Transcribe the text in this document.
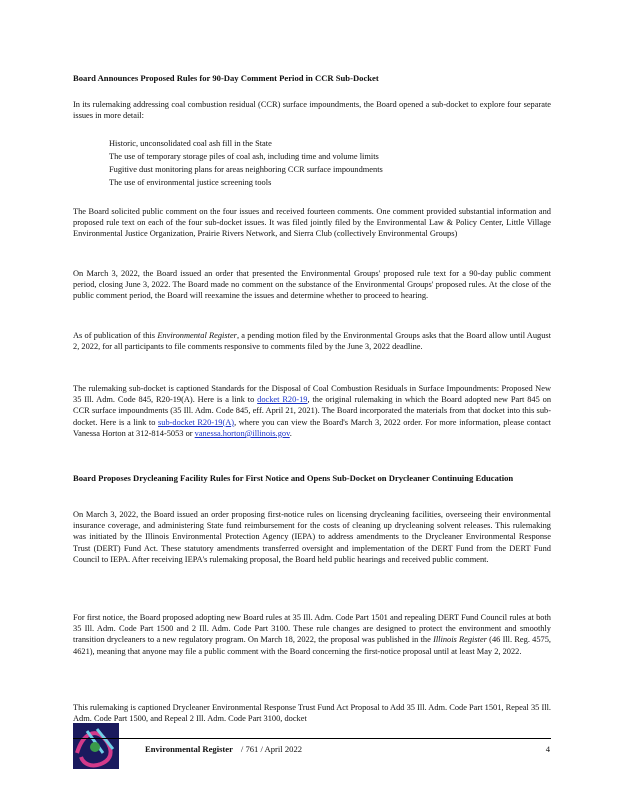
Board Announces Proposed Rules for 90-Day Comment Period in CCR Sub-Docket
In its rulemaking addressing coal combustion residual (CCR) surface impoundments, the Board opened a sub-docket to explore four separate issues in more detail:
Historic, unconsolidated coal ash fill in the State
The use of temporary storage piles of coal ash, including time and volume limits
Fugitive dust monitoring plans for areas neighboring CCR surface impoundments
The use of environmental justice screening tools
The Board solicited public comment on the four issues and received fourteen comments. One comment provided substantial information and proposed rule text on each of the four sub-docket issues. It was filed jointly filed by the Environmental Law & Policy Center, Little Village Environmental Justice Organization, Prairie Rivers Network, and Sierra Club (collectively Environmental Groups)
On March 3, 2022, the Board issued an order that presented the Environmental Groups' proposed rule text for a 90-day public comment period, closing June 3, 2022. The Board made no comment on the substance of the Environmental Groups' proposed rules. At the close of the public comment period, the Board will reexamine the issues and determine whether to proceed to hearing.
As of publication of this Environmental Register, a pending motion filed by the Environmental Groups asks that the Board allow until August 2, 2022, for all participants to file comments responsive to comments filed by the June 3, 2022 deadline.
The rulemaking sub-docket is captioned Standards for the Disposal of Coal Combustion Residuals in Surface Impoundments: Proposed New 35 Ill. Adm. Code 845, R20-19(A). Here is a link to docket R20-19, the original rulemaking in which the Board adopted new Part 845 on CCR surface impoundments (35 Ill. Adm. Code 845, eff. April 21, 2021). The Board incorporated the materials from that docket into this sub-docket. Here is a link to sub-docket R20-19(A), where you can view the Board's March 3, 2022 order. For more information, please contact Vanessa Horton at 312-814-5053 or vanessa.horton@illinois.gov.
Board Proposes Drycleaning Facility Rules for First Notice and Opens Sub-Docket on Drycleaner Continuing Education
On March 3, 2022, the Board issued an order proposing first-notice rules on licensing drycleaning facilities, overseeing their environmental insurance coverage, and administering State fund reimbursement for the costs of cleaning up drycleaning solvent releases. This rulemaking was initiated by the Illinois Environmental Protection Agency (IEPA) to address amendments to the Drycleaner Environmental Response Trust (DERT) Fund Act. These statutory amendments transferred oversight and implementation of the DERT Fund from the DERT Fund Council to IEPA. After receiving IEPA's rulemaking proposal, the Board held public hearings and received public comment.
For first notice, the Board proposed adopting new Board rules at 35 Ill. Adm. Code Part 1501 and repealing DERT Fund Council rules at both 35 Ill. Adm. Code Part 1500 and 2 Ill. Adm. Code Part 3100. These rule changes are designed to protect the environment and smoothly transition drycleaners to a new regulatory program. On March 18, 2022, the proposal was published in the Illinois Register (46 Ill. Reg. 4575, 4621), meaning that anyone may file a public comment with the Board concerning the first-notice proposal until at least May 2, 2022.
This rulemaking is captioned Drycleaner Environmental Response Trust Fund Act Proposal to Add 35 Ill. Adm. Code Part 1501, Repeal 35 Ill. Adm. Code Part 1500, and Repeal 2 Ill. Adm. Code Part 3100, docket
Environmental Register / 761 / April 2022	4
